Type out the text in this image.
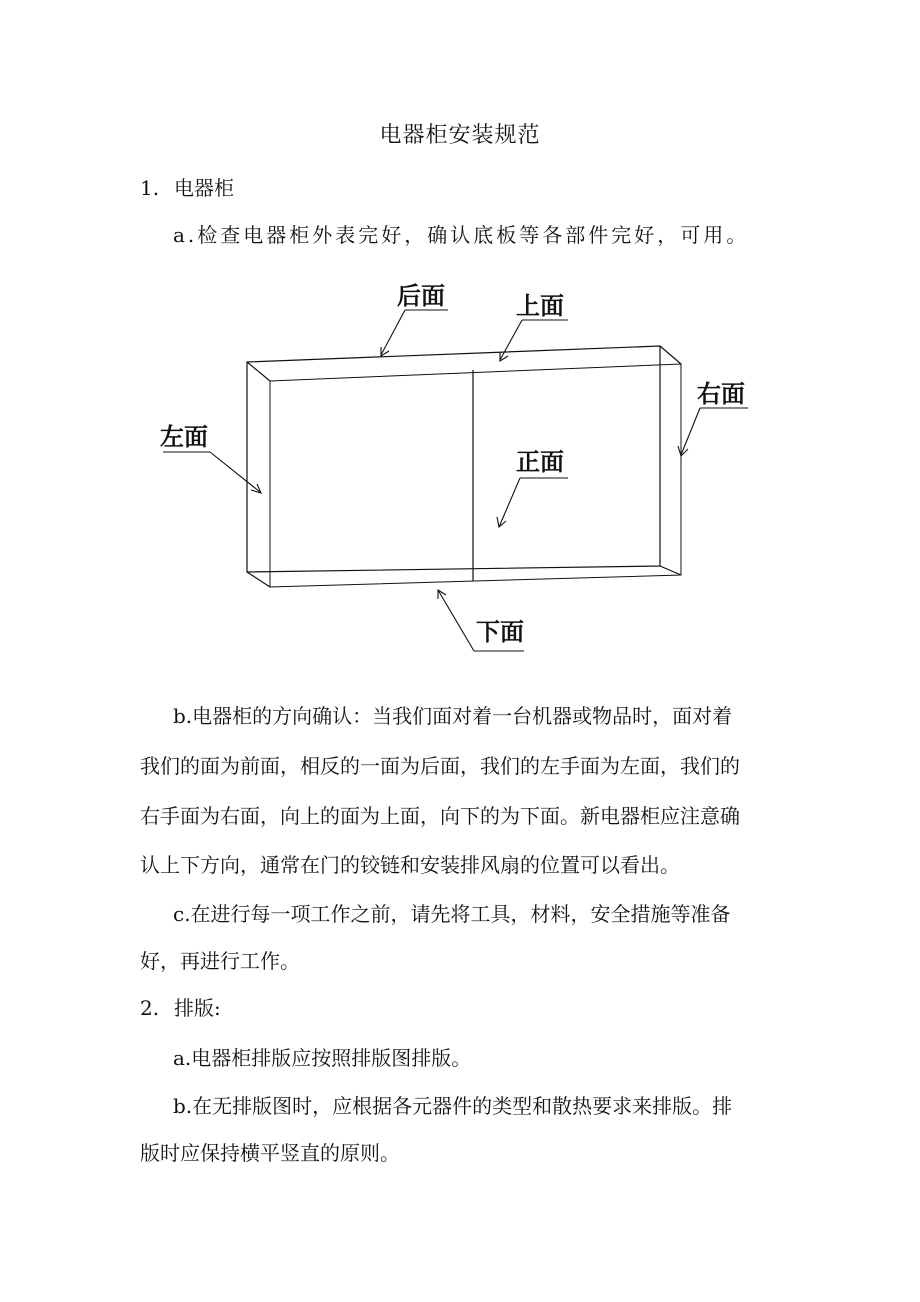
电器柜安装规范
1. 电器柜
a.检查电器柜外表完好，确认底板等各部件完好，可用。
后面	上面
右面
左面
正面
下面
b.电器柜的方向确认：当我们面对着一台机器或物品时，面对着
我们的面为前面，相反的一面为后面，我们的左手面为左面，我们的
右手面为右面，向上的面为上面，向下的为下面。新电器柜应注意确
认上下方向，通常在门的铰链和安装排风扇的位置可以看出。
c.在进行每一项工作之前，请先将工具，材料，安全措施等准备
好，再进行工作。
2. 排版:
a.电器柜排版应按照排版图排版。
b.在无排版图时，应根据各元器件的类型和散热要求来排版。排
版时应保持横平竖直的原则。
